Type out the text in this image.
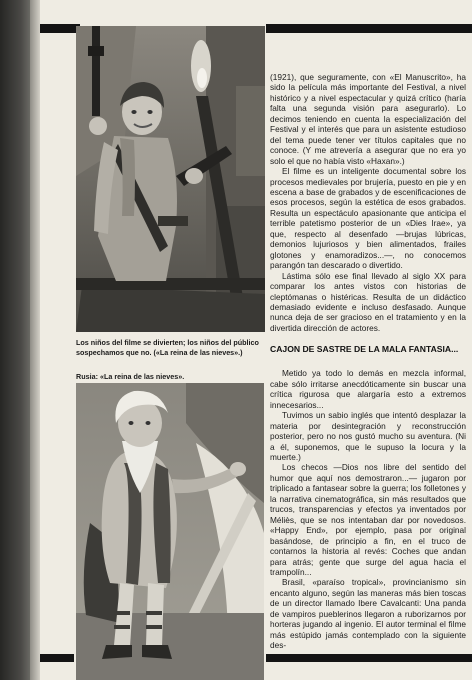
Los niños del filme se divierten; los niños del público sospechamos que no. («La reina de las nieves».)
Rusia: «La reina de las nieves».

(1921), que seguramente, con «El Manuscrito», ha sido la película más importante del Festival, a nivel histórico y a nivel espectacular y quizá crítico (haría falta una segunda visión para asegurarlo). Lo decimos teniendo en cuenta la especialización del Festival y el interés que para un asistente estudioso del tema puede tener ver títulos capitales que no conoce. (Y me atrevería a asegurar que no era yo solo el que no había visto «Haxan».)

El filme es un inteligente documental sobre los procesos medievales por brujería, puesto en pie y en escena a base de grabados y de escenificaciones de esos procesos, según la estética de esos grabados. Resulta un espectáculo apasionante que anticipa el terrible patetismo posterior de un «Dies Irae», ya que, respecto al desenfado —brujas lúbricas, demonios lujuriosos y bien alimentados, frailes glotones y enamoradizos...—, no conocemos parangón tan descarado o divertido.

Lástima sólo ese final llevado al siglo XX para comparar los antes vistos con historias de cleptómanas o histéricas. Resulta de un didáctico demasiado evidente e incluso desfasado. Aunque nunca deja de ser gracioso en el tratamiento y en la divertida dirección de actores.

CAJON DE SASTRE DE LA MALA FANTASIA...

Metido ya todo lo demás en mezcla informal, cabe sólo irritarse anecdóticamente sin buscar una crítica rigurosa que alargaría esto a extremos innecesarios...

Tuvimos un sabio inglés que intentó desplazar la materia por desintegración y reconstrucción posterior, pero no nos gustó mucho su aventura. (Ni a él, suponemos, que le supuso la locura y la muerte.)

Los checos —Dios nos libre del sentido del humor que aquí nos demostraron...— jugaron por triplicado a fantasear sobre la guerra; los folletones y la narrativa cinematográfica, sin más resultados que trucos, transparencias y efectos ya inventados por Méliès, que se nos intentaban dar por novedosos. «Happy End», por ejemplo, pasa por original basándose, de principio a fin, en el truco de contarnos la historia al revés: Coches que andan para atrás; gente que surge del agua hacia el trampolín...

Brasil, «paraíso tropical», provincianismo sin encanto alguno, según las maneras más bien toscas de un director llamado Ibere Cavalcanti: Una panda de vampiros pueblerinos llegaron a ruborizarnos por horteras jugando al ingenio. El autor terminal el filme más estúpido jamás contemplado con la siguiente des-
